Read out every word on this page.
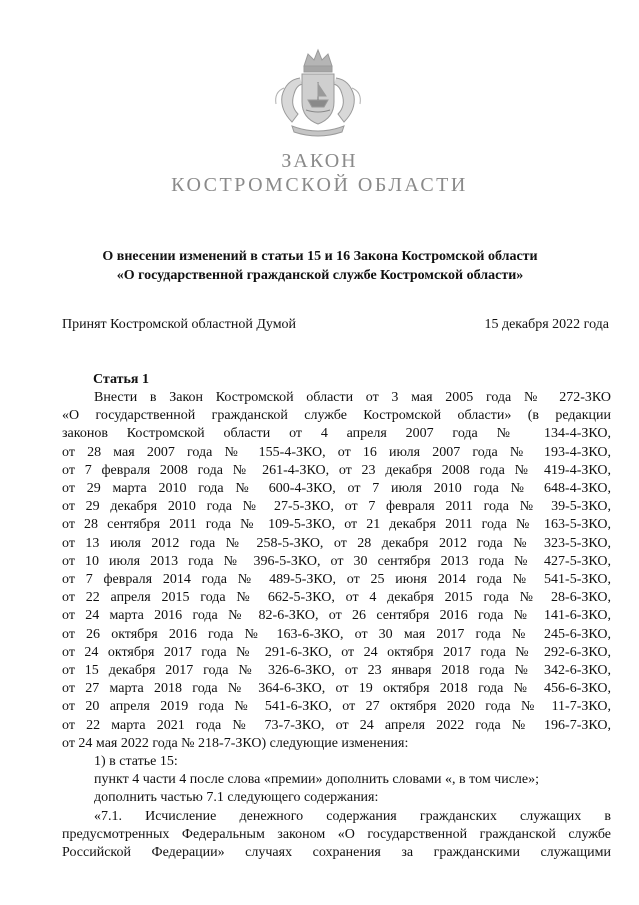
ЗАКОН
КОСТРОМСКОЙ ОБЛАСТИ
О внесении изменений в статьи 15 и 16 Закона Костромской области
«О государственной гражданской службе Костромской области»
Принят Костромской областной Думой	15 декабря 2022 года
Статья 1

Внести в Закон Костромской области от 3 мая 2005 года № 272-ЗКО

«О государственной гражданской службе Костромской области» (в редакции

законов Костромской области от 4 апреля 2007 года № 134-4-ЗКО,

от 28 мая 2007 года № 155-4-ЗКО, от 16 июля 2007 года № 193-4-ЗКО,

от 7 февраля 2008 года № 261-4-ЗКО, от 23 декабря 2008 года № 419-4-ЗКО,

от 29 марта 2010 года № 600-4-ЗКО, от 7 июля 2010 года № 648-4-ЗКО,

от 29 декабря 2010 года № 27-5-ЗКО, от 7 февраля 2011 года № 39-5-ЗКО,

от 28 сентября 2011 года № 109-5-ЗКО, от 21 декабря 2011 года № 163-5-ЗКО,

от 13 июля 2012 года № 258-5-ЗКО, от 28 декабря 2012 года № 323-5-ЗКО,

от 10 июля 2013 года № 396-5-ЗКО, от 30 сентября 2013 года № 427-5-ЗКО,

от 7 февраля 2014 года № 489-5-ЗКО, от 25 июня 2014 года № 541-5-ЗКО,

от 22 апреля 2015 года № 662-5-ЗКО, от 4 декабря 2015 года № 28-6-ЗКО,

от 24 марта 2016 года № 82-6-ЗКО, от 26 сентября 2016 года № 141-6-ЗКО,

от 26 октября 2016 года № 163-6-ЗКО, от 30 мая 2017 года № 245-6-ЗКО,

от 24 октября 2017 года № 291-6-ЗКО, от 24 октября 2017 года № 292-6-ЗКО,

от 15 декабря 2017 года № 326-6-ЗКО, от 23 января 2018 года № 342-6-ЗКО,

от 27 марта 2018 года № 364-6-ЗКО, от 19 октября 2018 года № 456-6-ЗКО,

от 20 апреля 2019 года № 541-6-ЗКО, от 27 октября 2020 года № 11-7-ЗКО,

от 22 марта 2021 года № 73-7-ЗКО, от 24 апреля 2022 года № 196-7-ЗКО,

от 24 мая 2022 года № 218-7-ЗКО) следующие изменения:

1) в статье 15:

пункт 4 части 4 после слова «премии» дополнить словами «, в том числе»;

дополнить частью 7.1 следующего содержания:

«7.1. Исчисление денежного содержания гражданских служащих в

предусмотренных Федеральным законом «О государственной гражданской службе

Российской Федерации» случаях сохранения за гражданскими служащими
